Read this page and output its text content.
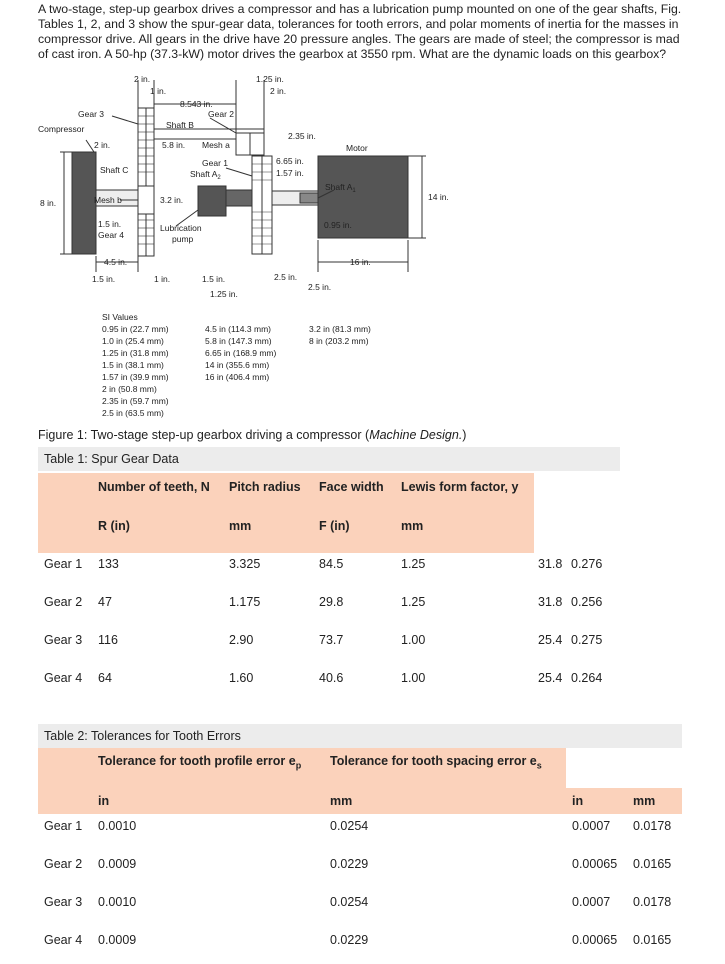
A two-stage, step-up gearbox drives a compressor and has a lubrication pump mounted on one of the gear shafts, Fig.
Tables 1, 2, and 3 show the spur-gear data, tolerances for tooth errors, and polar moments of inertia for the masses in
compressor drive. All gears in the drive have 20 pressure angles. The gears are made of steel; the compressor is mad
of cast iron. A 50-hp (37.3-kW) motor drives the gearbox at 3550 rpm. What are the dynamic loads on this gearbox?
Gear 3
Compressor	Shaft B
Gear 2
Shaft C
Mesh a	Motor
Gear 1
Shaft $A_2$
Shaft $A_1$
Mesh b
Gear 4
Lubrication
pump
2 in.
1 in.
8.543 in.
1.25 in.
2 in.
2.35 in.
2 in.	5.8 in.
6.65 in.
1.57 in.
8 in.	3.2 in.	14 in.
0.95 in.
1.5 in.
4.5 in.	16 in.
1.5 in.	1 in.	1.5 in.	2.5 in.
2.5 in.
1.25 in.
SI Values
0.95 in (22.7 mm)
1.0 in (25.4 mm)
1.25 in (31.8 mm)
1.5 in (38.1 mm)
1.57 in (39.9 mm)
2 in (50.8 mm)
2.35 in (59.7 mm)
2.5 in (63.5 mm)
4.5 in (114.3 mm)
5.8 in (147.3 mm)
6.65 in (168.9 mm)
14 in (355.6 mm)
16 in (406.4 mm)
3.2 in (81.3 mm)
8 in (203.2 mm)
Figure 1: Two-stage step-up gearbox driving a compressor (Machine Design.)
Table 1: Spur Gear Data
Number of teeth, N Pitch radius Face width Lewis form factor, y
R (in)	mm	F (in)	mm
Gear 1 133	3.325	84.5	1.25	31.8 0.276
Gear 2 47	1.175	29.8	1.25	31.8 0.256
Gear 3 116	2.90	73.7	1.00	25.4 0.275
Gear 4 64	1.60	40.6	1.00	25.4 0.264
Table 2: Tolerances for Tooth Errors
Tolerance for tooth profile error $e_p$ Tolerance for tooth spacing error $e_s$
in	mm	in	mm
Gear 1 0.0010	0.0254	0.0007 0.0178
Gear 2 0.0009	0.0229	0.00065 0.0165
Gear 3 0.0010	0.0254	0.0007 0.0178
Gear 4 0.0009	0.0229	0.00065 0.0165
